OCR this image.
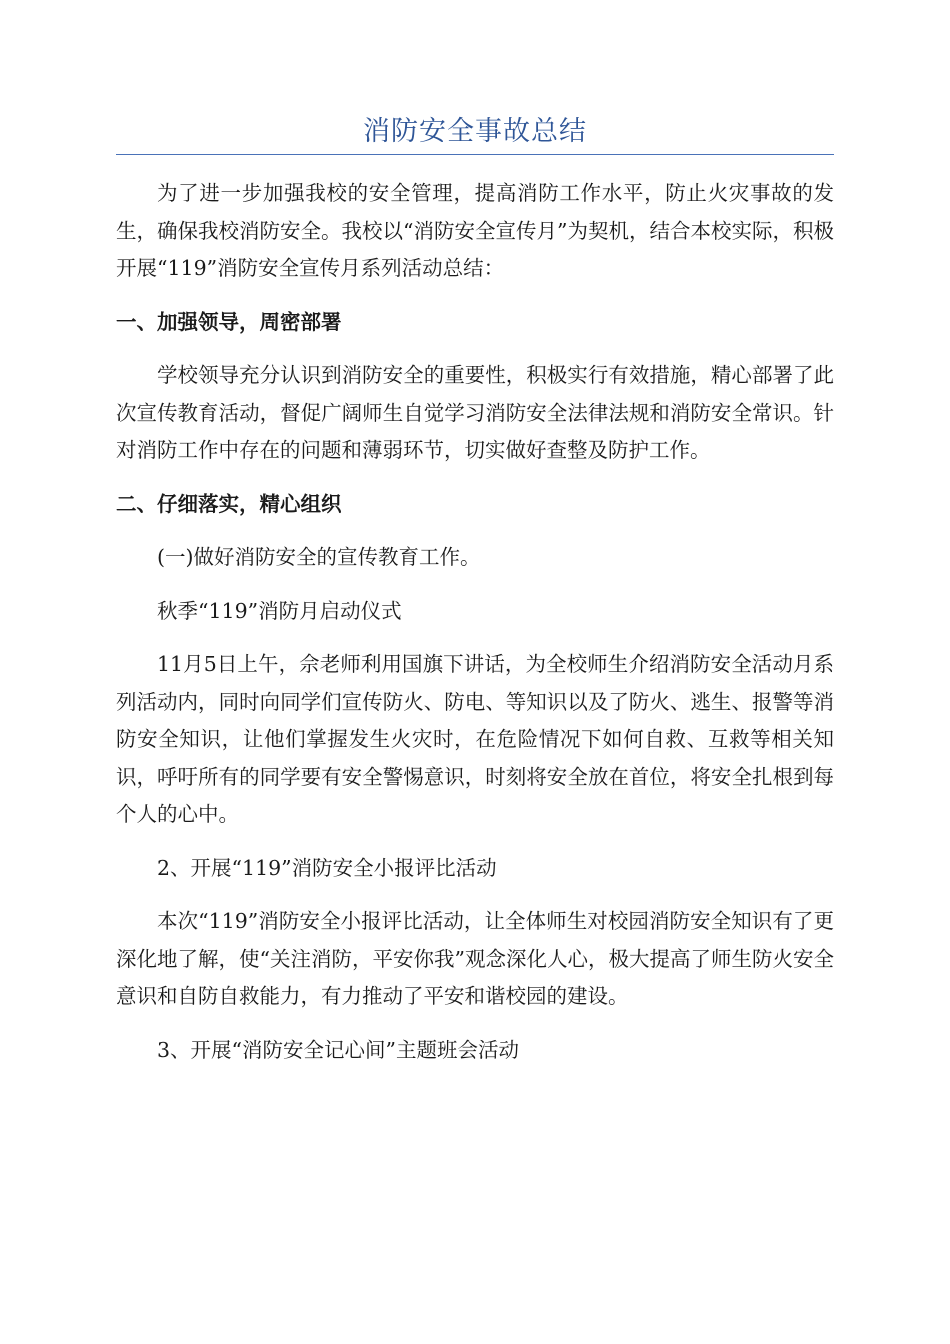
消防安全事故总结

为了进一步加强我校的安全管理，提高消防工作水平，防止火灾事故的发生，确保我校消防安全。我校以“消防安全宣传月”为契机，结合本校实际，积极开展“119”消防安全宣传月系列活动总结：

一、加强领导，周密部署

学校领导充分认识到消防安全的重要性，积极实行有效措施，精心部署了此次宣传教育活动，督促广阔师生自觉学习消防安全法律法规和消防安全常识。针对消防工作中存在的问题和薄弱环节，切实做好查整及防护工作。

二、仔细落实，精心组织

(一)做好消防安全的宣传教育工作。

秋季“119”消防月启动仪式

11月5日上午，佘老师利用国旗下讲话，为全校师生介绍消防安全活动月系列活动内，同时向同学们宣传防火、防电、等知识以及了防火、逃生、报警等消防安全知识，让他们掌握发生火灾时，在危险情况下如何自救、互救等相关知识，呼吁所有的同学要有安全警惕意识，时刻将安全放在首位，将安全扎根到每个人的心中。

2、开展“119”消防安全小报评比活动

本次“119”消防安全小报评比活动，让全体师生对校园消防安全知识有了更深化地了解，使“关注消防，平安你我”观念深化人心，极大提高了师生防火安全意识和自防自救能力，有力推动了平安和谐校园的建设。

3、开展“消防安全记心间”主题班会活动
